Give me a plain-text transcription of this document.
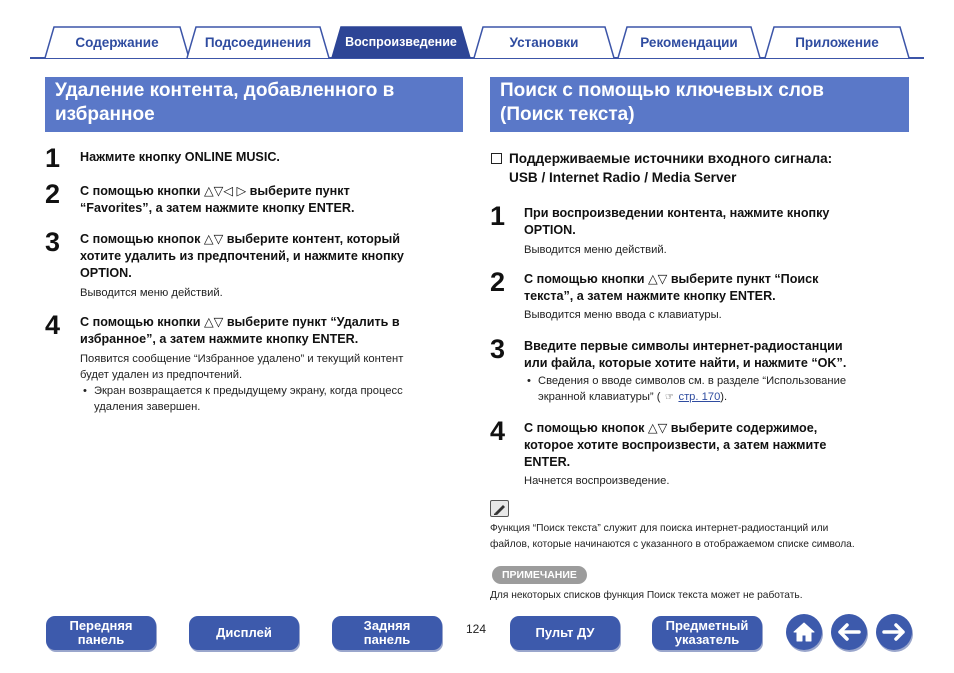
Содержание	Подсоединения	Воспроизведение	Установки	Рекомендации	Приложение
Удаление контента, добавленного в
избранное
1 Нажмите кнопку ONLINE MUSIC.
2 С помощью кнопки △▽◁ ▷ выберите пункт
“Favorites”, а затем нажмите кнопку ENTER.
3 С помощью кнопок △▽ выберите контент, который
хотите удалить из предпочтений, и нажмите кнопку
OPTION.
Выводится меню действий.
4 С помощью кнопки △▽ выберите пункт “Удалить в
избранное”, а затем нажмите кнопку ENTER.
Появится сообщение “Избранное удалено” и текущий контент
будет удален из предпочтений.
• Экран возвращается к предыдущему экрану, когда процесс
удаления завершен.
Поиск с помощью ключевых слов
(Поиск текста)
Поддерживаемые источники входного сигнала:
USB / Internet Radio / Media Server
1 При воспроизведении контента, нажмите кнопку
OPTION.
Выводится меню действий.
2 С помощью кнопки △▽ выберите пункт “Поиск
текста”, а затем нажмите кнопку ENTER.
Выводится меню ввода с клавиатуры.
3 Введите первые символы интернет-радиостанции
или файла, которые хотите найти, и нажмите “OK”.
• Сведения о вводе символов см. в разделе “Использование
экранной клавиатуры” ( ☞ стр. 170).
4 С помощью кнопок △▽ выберите содержимое,
которое хотите воспроизвести, а затем нажмите
ENTER.
Начнется воспроизведение.
Функция “Поиск текста” служит для поиска интернет-радиостанций или
файлов, которые начинаются с указанного в отображаемом списке символа.
ПРИМЕЧАНИЕ
Для некоторых списков функция Поиск текста может не работать.
Передняя
панель	Дисплей	Задняя
панель
124	Пульт ДУ	Предметный
указатель
